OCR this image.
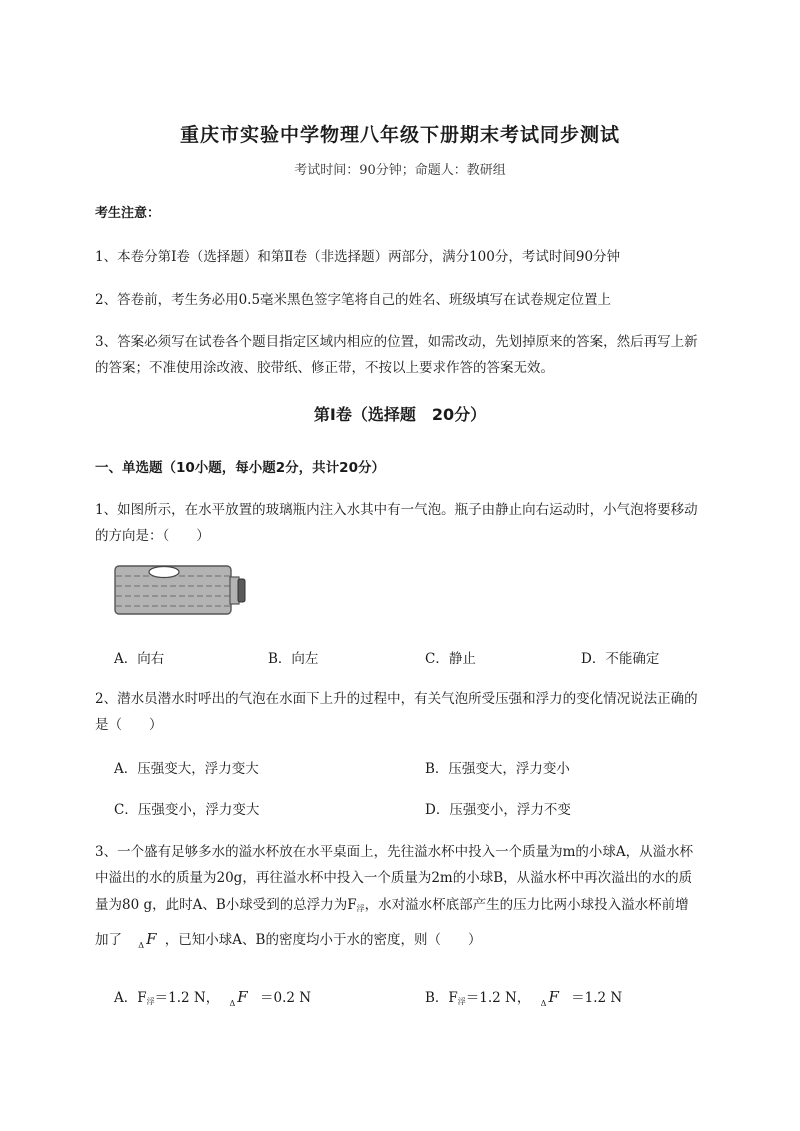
重庆市实验中学物理八年级下册期末考试同步测试
考试时间：90分钟；命题人：教研组
考生注意：
1、本卷分第Ⅰ卷（选择题）和第Ⅱ卷（非选择题）两部分，满分100分，考试时间90分钟
2、答卷前，考生务必用0.5毫米黑色签字笔将自己的姓名、班级填写在试卷规定位置上
3、答案必须写在试卷各个题目指定区域内相应的位置，如需改动，先划掉原来的答案，然后再写上新
的答案；不准使用涂改液、胶带纸、修正带，不按以上要求作答的答案无效。
第Ⅰ卷（选择题　20分）
一、单选题（10小题，每小题2分，共计20分）
1、如图所示，在水平放置的玻璃瓶内注入水其中有一气泡。瓶子由静止向右运动时，小气泡将要移动
的方向是：（　　）
A．向右	B．向左	C．静止	D．不能确定
2、潜水员潜水时呼出的气泡在水面下上升的过程中，有关气泡所受压强和浮力的变化情况说法正确的
是（　　）
A．压强变大，浮力变大	B．压强变大，浮力变小
C．压强变小，浮力变大	D．压强变小，浮力不变
3、一个盛有足够多水的溢水杯放在水平桌面上，先往溢水杯中投入一个质量为m的小球A，从溢水杯
中溢出的水的质量为20g，再往溢水杯中投入一个质量为2m的小球B，从溢水杯中再次溢出的水的质
量为80 g，此时A、B小球受到的总浮力为$F_浮$，水对溢水杯底部产生的压力比两小球投入溢水杯前增
加了 $_\Delta$ F ，已知小球A、B的密度均小于水的密度，则（　　）
A．$F_浮=1.2$ N， $_\Delta$ F ＝0.2 N	B．$F_浮=1.2$ N， $_\Delta$ F ＝1.2 N
